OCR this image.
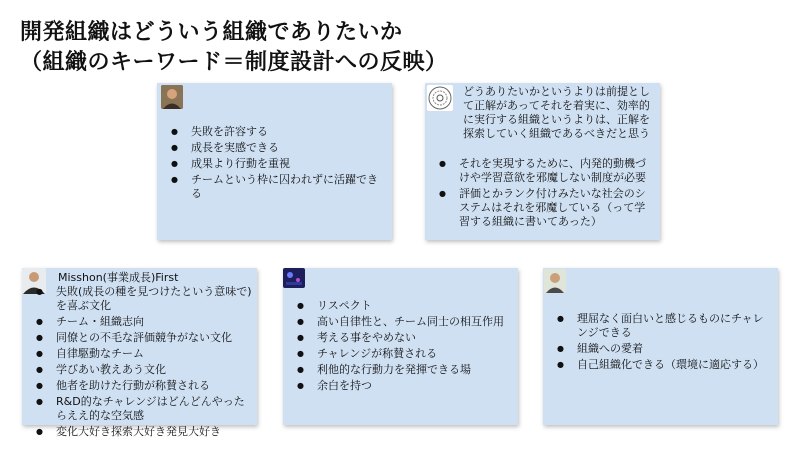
開発組織はどういう組織でありたいか
（組織のキーワード＝制度設計への反映）
● 失敗を許容する
● 成長を実感できる
● 成果より行動を重視
● チームという枠に囚われずに活躍できる
どうありたいかというよりは前提として正解があってそれを着実に、効率的に実行する組織というよりは、正解を探索していく組織であるべきだと思う
● それを実現するために、内発的動機づけや学習意欲を邪魔しない制度が必要
● 評価とかランク付けみたいな社会のシステムはそれを邪魔している（って学習する組織に書いてあった）
Misshon(事業成長)First
● 失敗(成長の種を見つけたという意味で)を喜ぶ文化
● チーム・組織志向
● 同僚との不毛な評価競争がない文化
● 自律駆動なチーム
● 学びあい教えあう文化
● 他者を助けた行動が称賛される
● R&D的なチャレンジはどんどんやったらええ的な空気感
● 変化大好き探索大好き発見大好き
● リスペクト
● 高い自律性と、チーム同士の相互作用
● 考える事をやめない
● チャレンジが称賛される
● 利他的な行動力を発揮できる場
● 余白を持つ
● 理屈なく面白いと感じるものにチャレンジできる
● 組織への愛着
● 自己組織化できる（環境に適応する）
